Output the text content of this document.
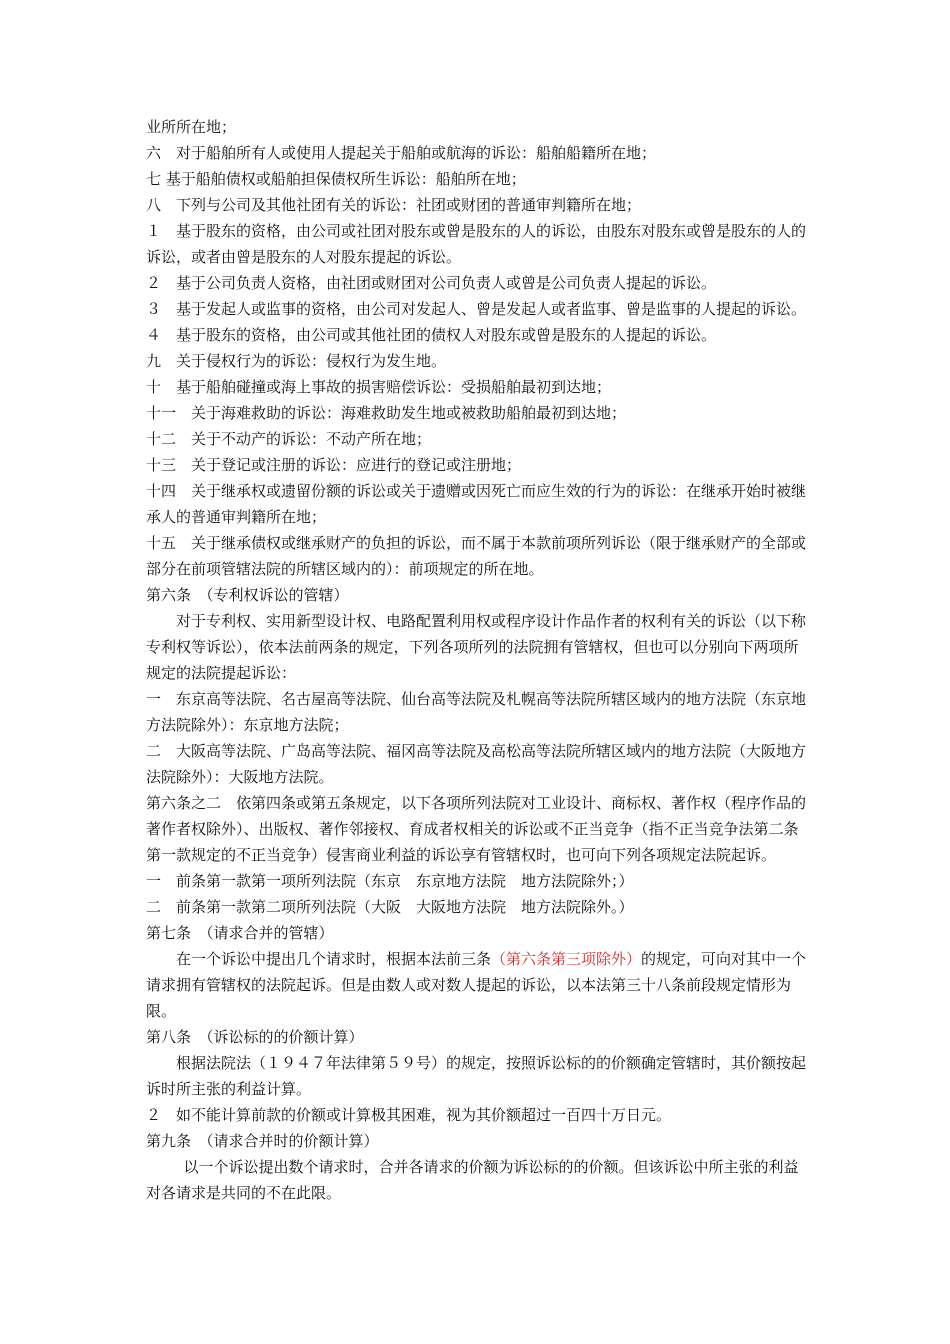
业所所在地；

六　对于船舶所有人或使用人提起关于船舶或航海的诉讼：船舶船籍所在地；

七 基于船舶债权或船舶担保债权所生诉讼：船舶所在地；

八　下列与公司及其他社团有关的诉讼：社团或财团的普通审判籍所在地；

１　基于股东的资格，由公司或社团对股东或曾是股东的人的诉讼，由股东对股东或曾是股东的人的诉讼，或者由曾是股东的人对股东提起的诉讼。

２　基于公司负责人资格，由社团或财团对公司负责人或曾是公司负责人提起的诉讼。

３　基于发起人或监事的资格，由公司对发起人、曾是发起人或者监事、曾是监事的人提起的诉讼。

４　基于股东的资格，由公司或其他社团的债权人对股东或曾是股东的人提起的诉讼。

九　关于侵权行为的诉讼：侵权行为发生地。

十　基于船舶碰撞或海上事故的损害赔偿诉讼：受损船舶最初到达地；

十一　关于海难救助的诉讼：海难救助发生地或被救助船舶最初到达地；

十二　关于不动产的诉讼：不动产所在地；

十三　关于登记或注册的诉讼：应进行的登记或注册地；

十四　关于继承权或遗留份额的诉讼或关于遗赠或因死亡而应生效的行为的诉讼：在继承开始时被继承人的普通审判籍所在地；

十五　关于继承债权或继承财产的负担的诉讼，而不属于本款前项所列诉讼（限于继承财产的全部或部分在前项管辖法院的所辖区域内的）：前项规定的所在地。

第六条　（专利权诉讼的管辖）

对于专利权、实用新型设计权、电路配置利用权或程序设计作品作者的权利有关的诉讼（以下称专利权等诉讼），依本法前两条的规定，下列各项所列的法院拥有管辖权，但也可以分别向下两项所规定的法院提起诉讼：

一　东京高等法院、名古屋高等法院、仙台高等法院及札幌高等法院所辖区域内的地方法院（东京地方法院除外）：东京地方法院；

二　大阪高等法院、广岛高等法院、福冈高等法院及高松高等法院所辖区域内的地方法院（大阪地方法院除外）：大阪地方法院。

第六条之二　依第四条或第五条规定，以下各项所列法院对工业设计、商标权、著作权（程序作品的著作者权除外）、出版权、著作邻接权、育成者权相关的诉讼或不正当竞争（指不正当竞争法第二条第一款规定的不正当竞争）侵害商业利益的诉讼享有管辖权时，也可向下列各项规定法院起诉。

一　前条第一款第一项所列法院（东京　东京地方法院　地方法院除外；）

二　前条第一款第二项所列法院（大阪　大阪地方法院　地方法院除外。）

第七条　（请求合并的管辖）

在一个诉讼中提出几个请求时，根据本法前三条（第六条第三项除外）的规定，可向对其中一个请求拥有管辖权的法院起诉。但是由数人或对数人提起的诉讼，以本法第三十八条前段规定情形为限。

第八条　（诉讼标的的价额计算）

根据法院法（１９４７年法律第５９号）的规定，按照诉讼标的的价额确定管辖时，其价额按起诉时所主张的利益计算。

２　如不能计算前款的价额或计算极其困难，视为其价额超过一百四十万日元。

第九条　（请求合并时的价额计算）

以一个诉讼提出数个请求时，合并各请求的价额为诉讼标的的价额。但该诉讼中所主张的利益对各请求是共同的不在此限。
